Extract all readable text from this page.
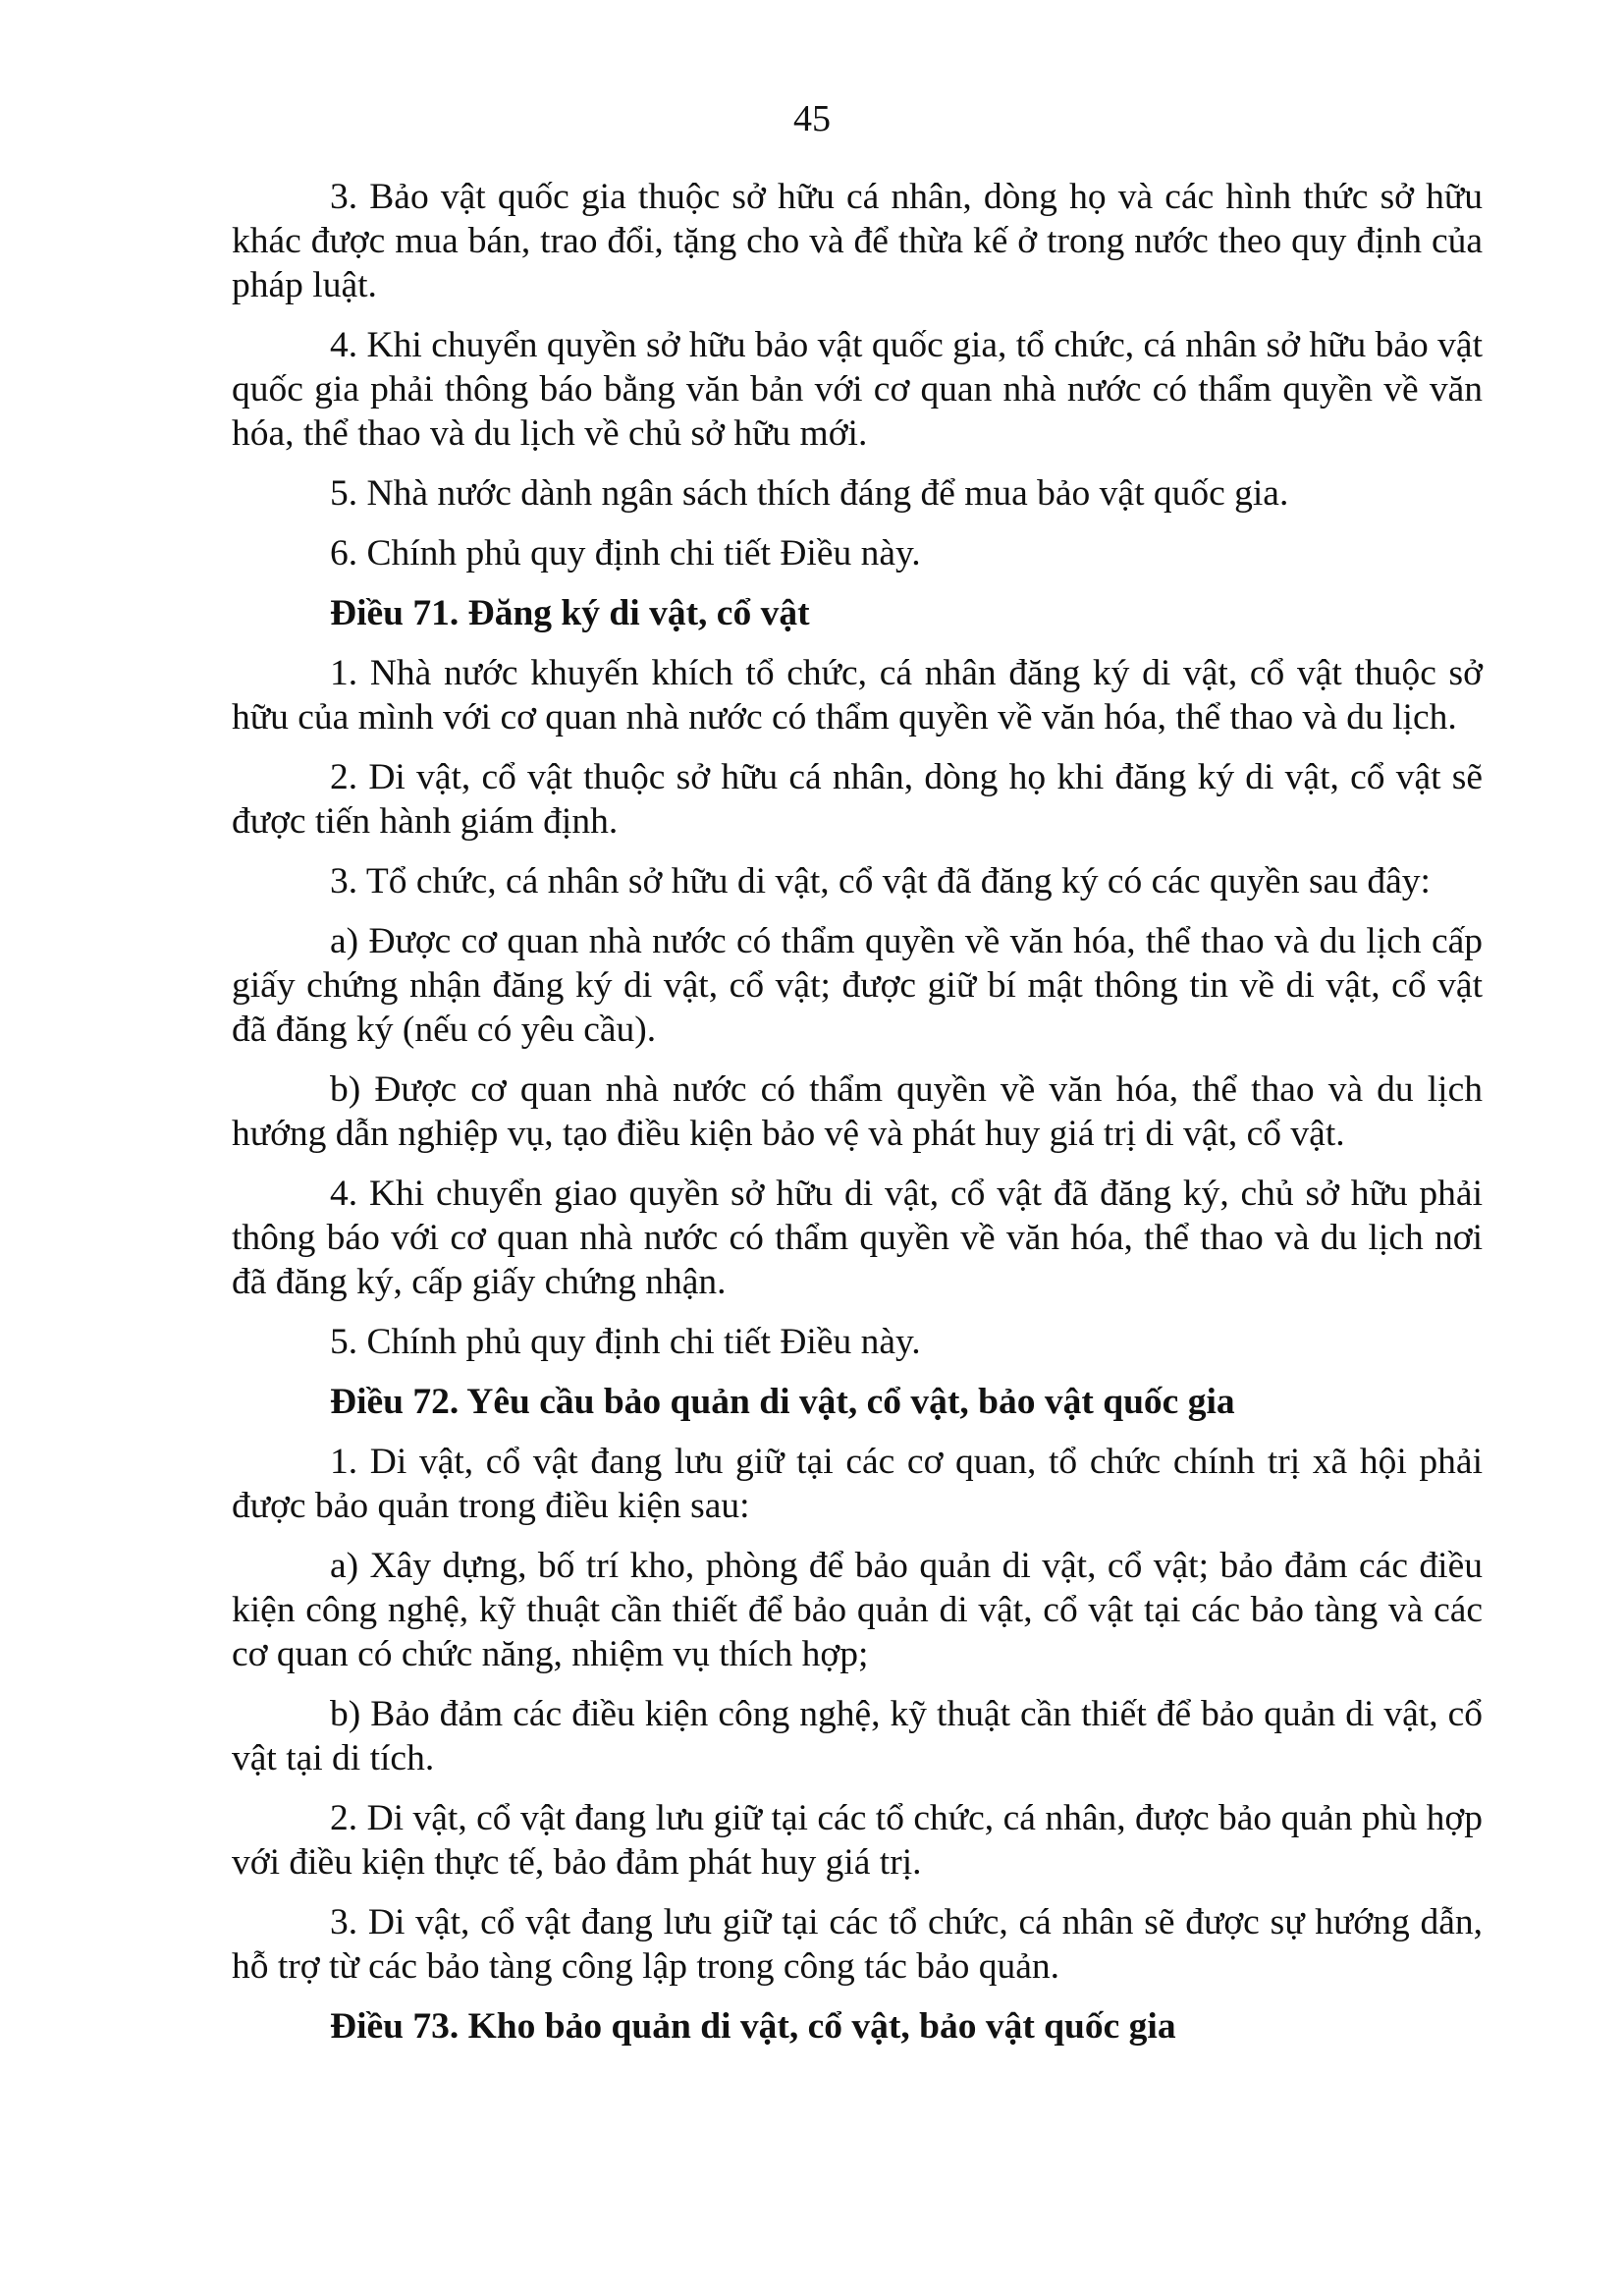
45

3. Bảo vật quốc gia thuộc sở hữu cá nhân, dòng họ và các hình thức sở hữu khác được mua bán, trao đổi, tặng cho và để thừa kế ở trong nước theo quy định của pháp luật.

4. Khi chuyển quyền sở hữu bảo vật quốc gia, tổ chức, cá nhân sở hữu bảo vật quốc gia phải thông báo bằng văn bản với cơ quan nhà nước có thẩm quyền về văn hóa, thể thao và du lịch về chủ sở hữu mới.

5. Nhà nước dành ngân sách thích đáng để mua bảo vật quốc gia.

6. Chính phủ quy định chi tiết Điều này.

Điều 71. Đăng ký di vật, cổ vật

1. Nhà nước khuyến khích tổ chức, cá nhân đăng ký di vật, cổ vật thuộc sở hữu của mình với cơ quan nhà nước có thẩm quyền về văn hóa, thể thao và du lịch.

2. Di vật, cổ vật thuộc sở hữu cá nhân, dòng họ khi đăng ký di vật, cổ vật sẽ được tiến hành giám định.

3. Tổ chức, cá nhân sở hữu di vật, cổ vật đã đăng ký có các quyền sau đây:

a) Được cơ quan nhà nước có thẩm quyền về văn hóa, thể thao và du lịch cấp giấy chứng nhận đăng ký di vật, cổ vật; được giữ bí mật thông tin về di vật, cổ vật đã đăng ký (nếu có yêu cầu).

b) Được cơ quan nhà nước có thẩm quyền về văn hóa, thể thao và du lịch hướng dẫn nghiệp vụ, tạo điều kiện bảo vệ và phát huy giá trị di vật, cổ vật.

4. Khi chuyển giao quyền sở hữu di vật, cổ vật đã đăng ký, chủ sở hữu phải thông báo với cơ quan nhà nước có thẩm quyền về văn hóa, thể thao và du lịch nơi đã đăng ký, cấp giấy chứng nhận.

5. Chính phủ quy định chi tiết Điều này.

Điều 72. Yêu cầu bảo quản di vật, cổ vật, bảo vật quốc gia

1. Di vật, cổ vật đang lưu giữ tại các cơ quan, tổ chức chính trị xã hội phải được bảo quản trong điều kiện sau:

a) Xây dựng, bố trí kho, phòng để bảo quản di vật, cổ vật; bảo đảm các điều kiện công nghệ, kỹ thuật cần thiết để bảo quản di vật, cổ vật tại các bảo tàng và các cơ quan có chức năng, nhiệm vụ thích hợp;

b) Bảo đảm các điều kiện công nghệ, kỹ thuật cần thiết để bảo quản di vật, cổ vật tại di tích.

2. Di vật, cổ vật đang lưu giữ tại các tổ chức, cá nhân, được bảo quản phù hợp với điều kiện thực tế, bảo đảm phát huy giá trị.

3. Di vật, cổ vật đang lưu giữ tại các tổ chức, cá nhân sẽ được sự hướng dẫn, hỗ trợ từ các bảo tàng công lập trong công tác bảo quản.

Điều 73. Kho bảo quản di vật, cổ vật, bảo vật quốc gia
